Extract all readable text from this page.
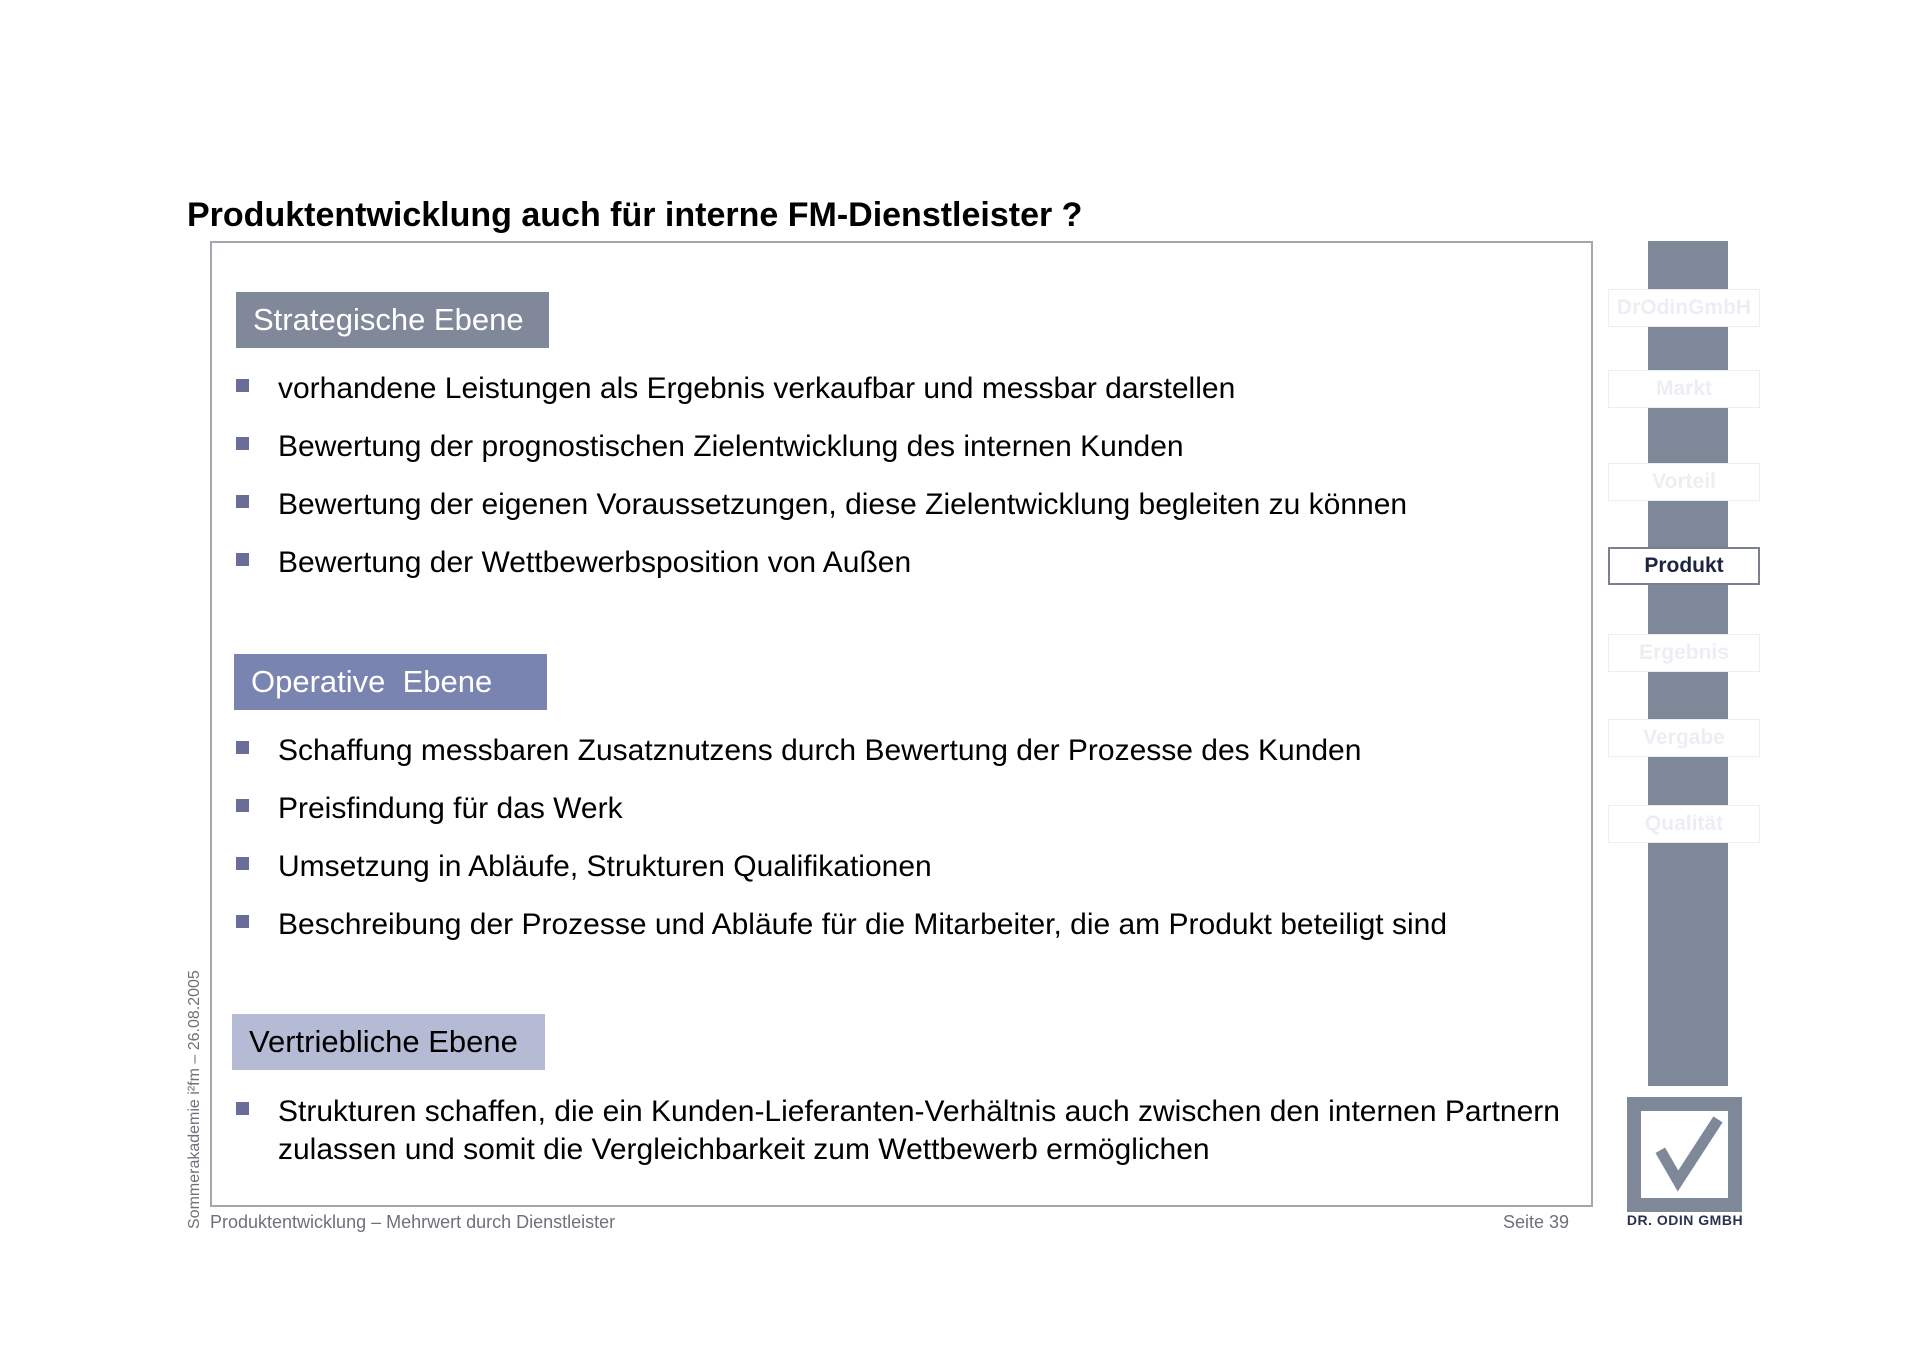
Produktentwicklung auch für interne FM-Dienstleister ?
Strategische Ebene
vorhandene Leistungen als Ergebnis verkaufbar und messbar darstellen
Bewertung der prognostischen Zielentwicklung des internen Kunden
Bewertung der eigenen Voraussetzungen, diese Zielentwicklung begleiten zu können
Bewertung der Wettbewerbsposition von Außen
Operative  Ebene
Schaffung messbaren Zusatznutzens durch Bewertung der Prozesse des Kunden
Preisfindung für das Werk
Umsetzung in Abläufe, Strukturen Qualifikationen
Beschreibung der Prozesse und Abläufe für die Mitarbeiter, die am Produkt beteiligt sind
Vertriebliche Ebene
Strukturen schaffen, die ein Kunden-Lieferanten-Verhältnis auch zwischen den internen Partnern zulassen und somit die Vergleichbarkeit zum Wettbewerb ermöglichen
Sommerakademie i²fm – 26.08.2005 Produktentwicklung – Mehrwert durch Dienstleister	Seite 39
DrOdinGmbH
Markt
Vorteil
Produkt
Ergebnis
Vergabe
Qualität
DR. ODIN GMBH
